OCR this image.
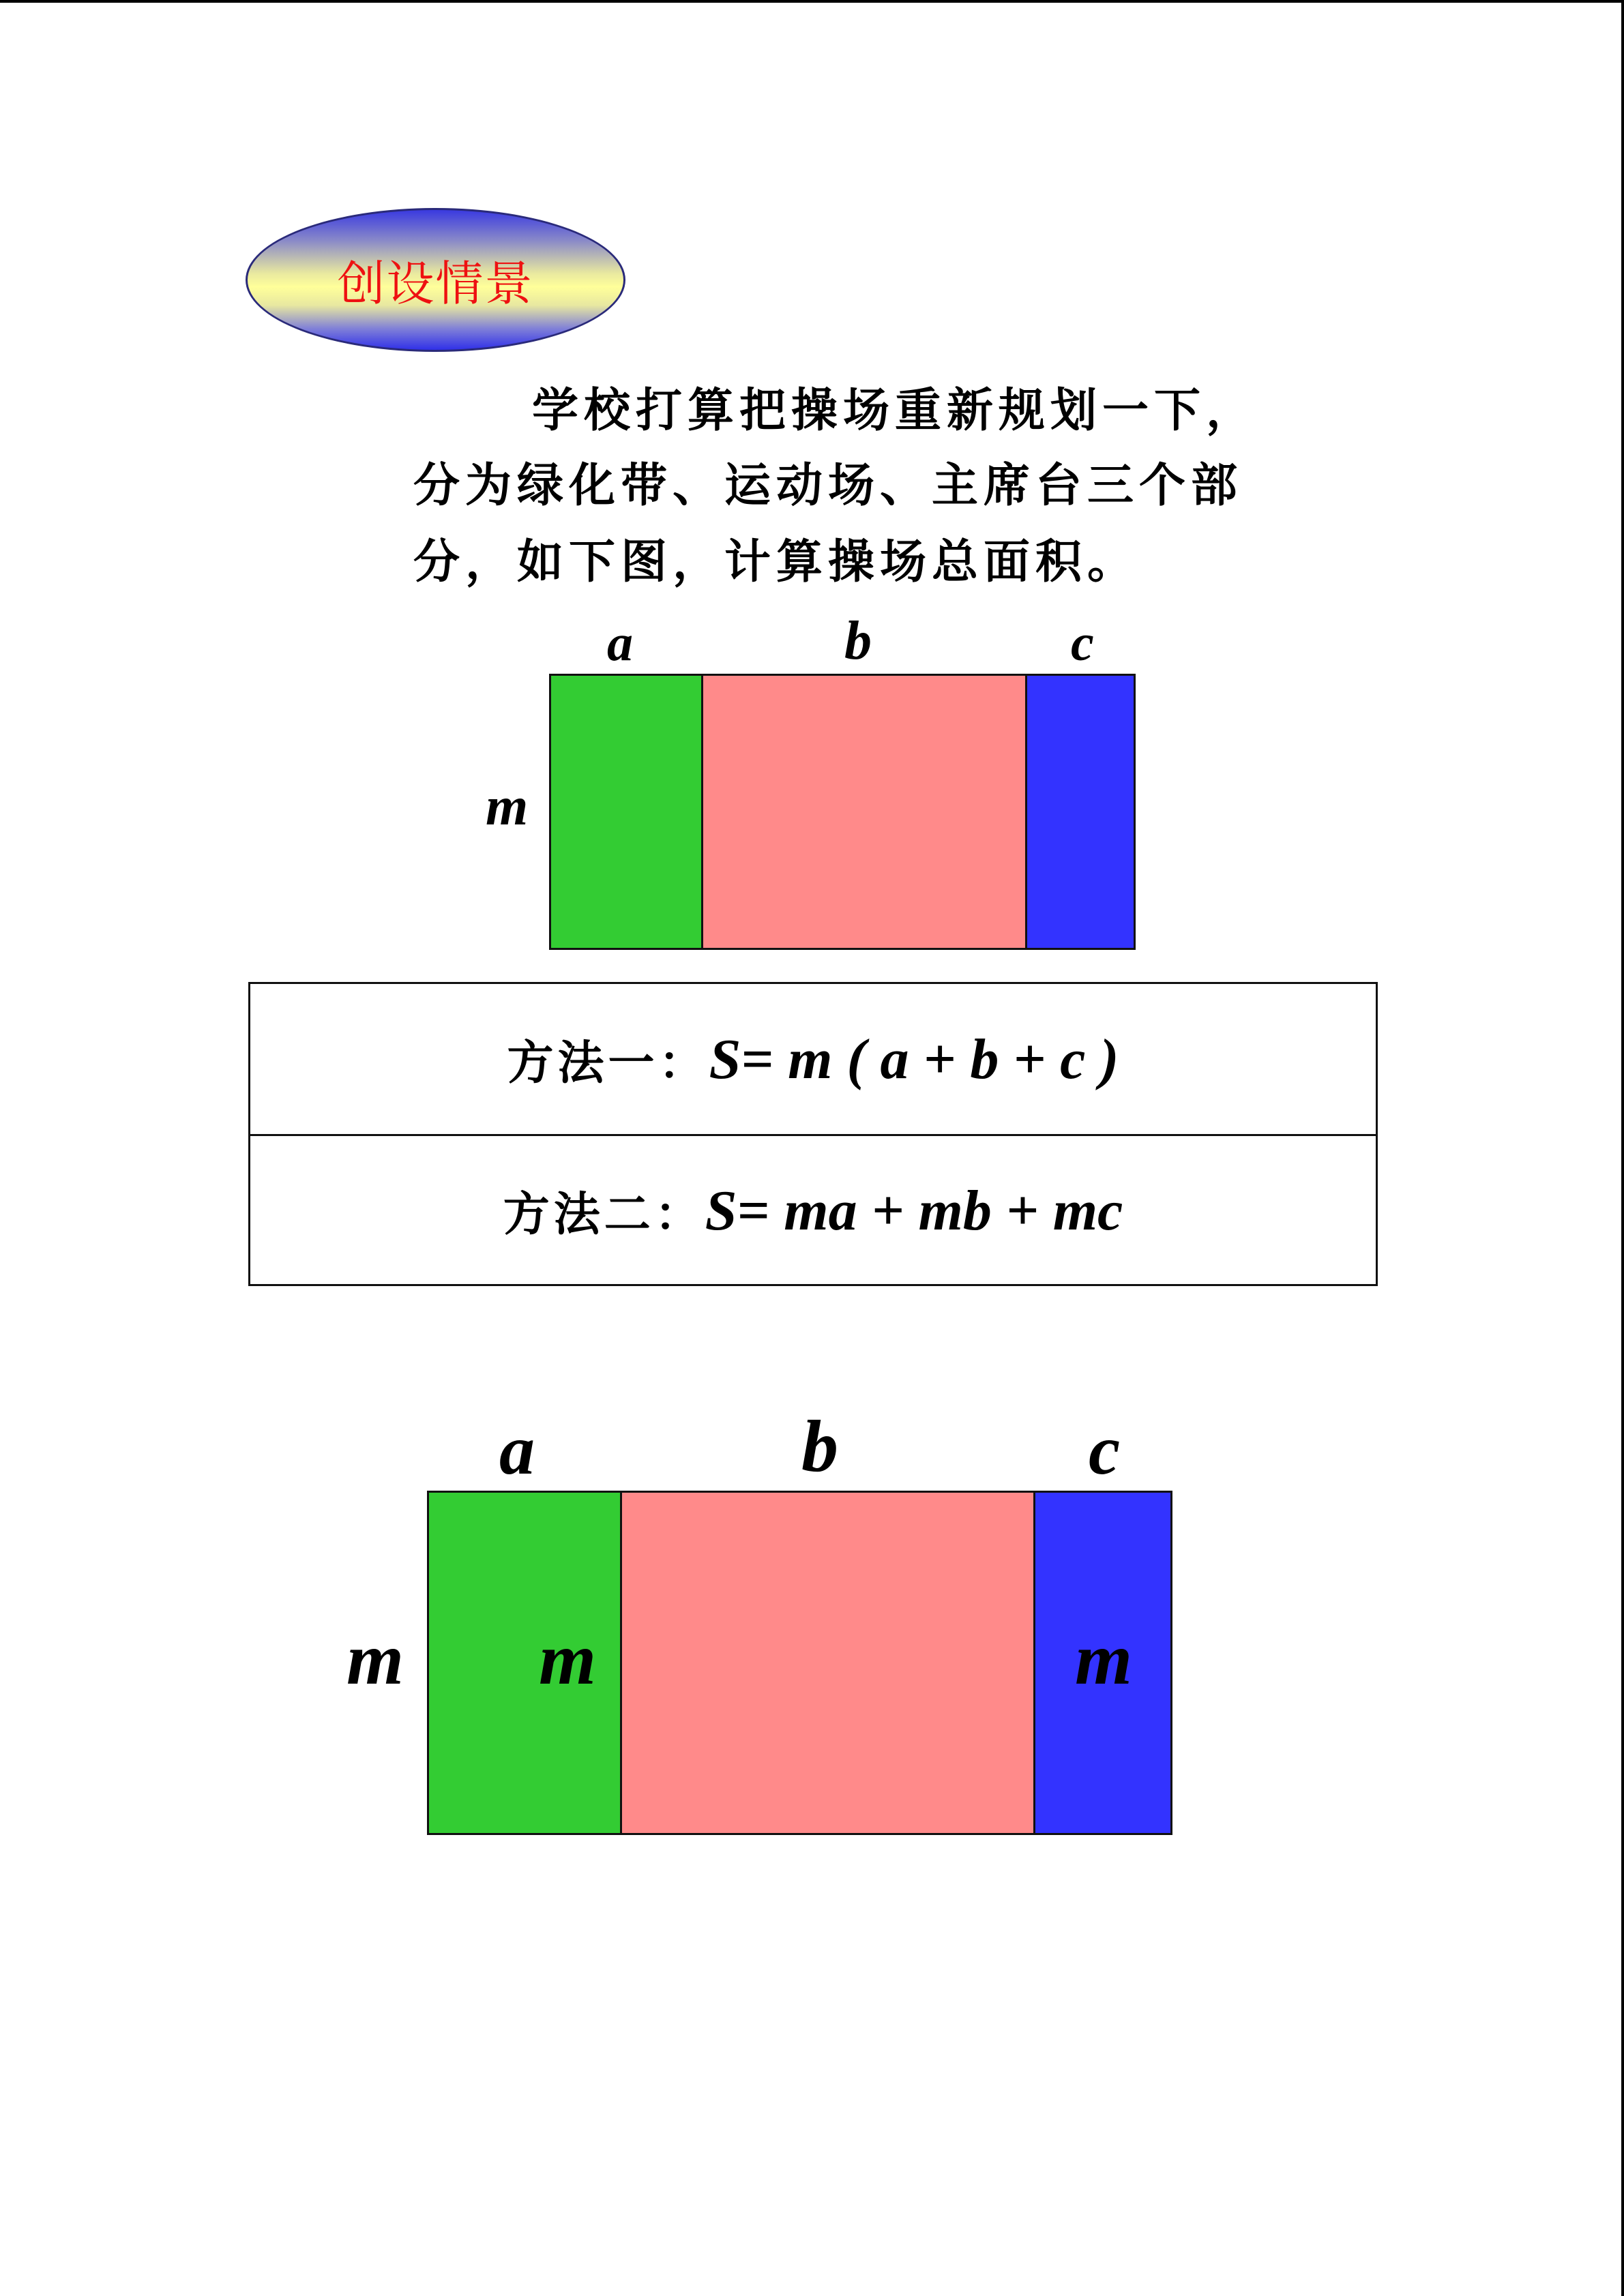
创设情景
学校打算把操场重新规划一下，
分为绿化带、运动场、主席台三个部
分，如下图，计算操场总面积。
a	b	c
m
方法一： S= m ( a + b + c )
方法二： S= ma + mb + mc
a	b	c
m m	m
